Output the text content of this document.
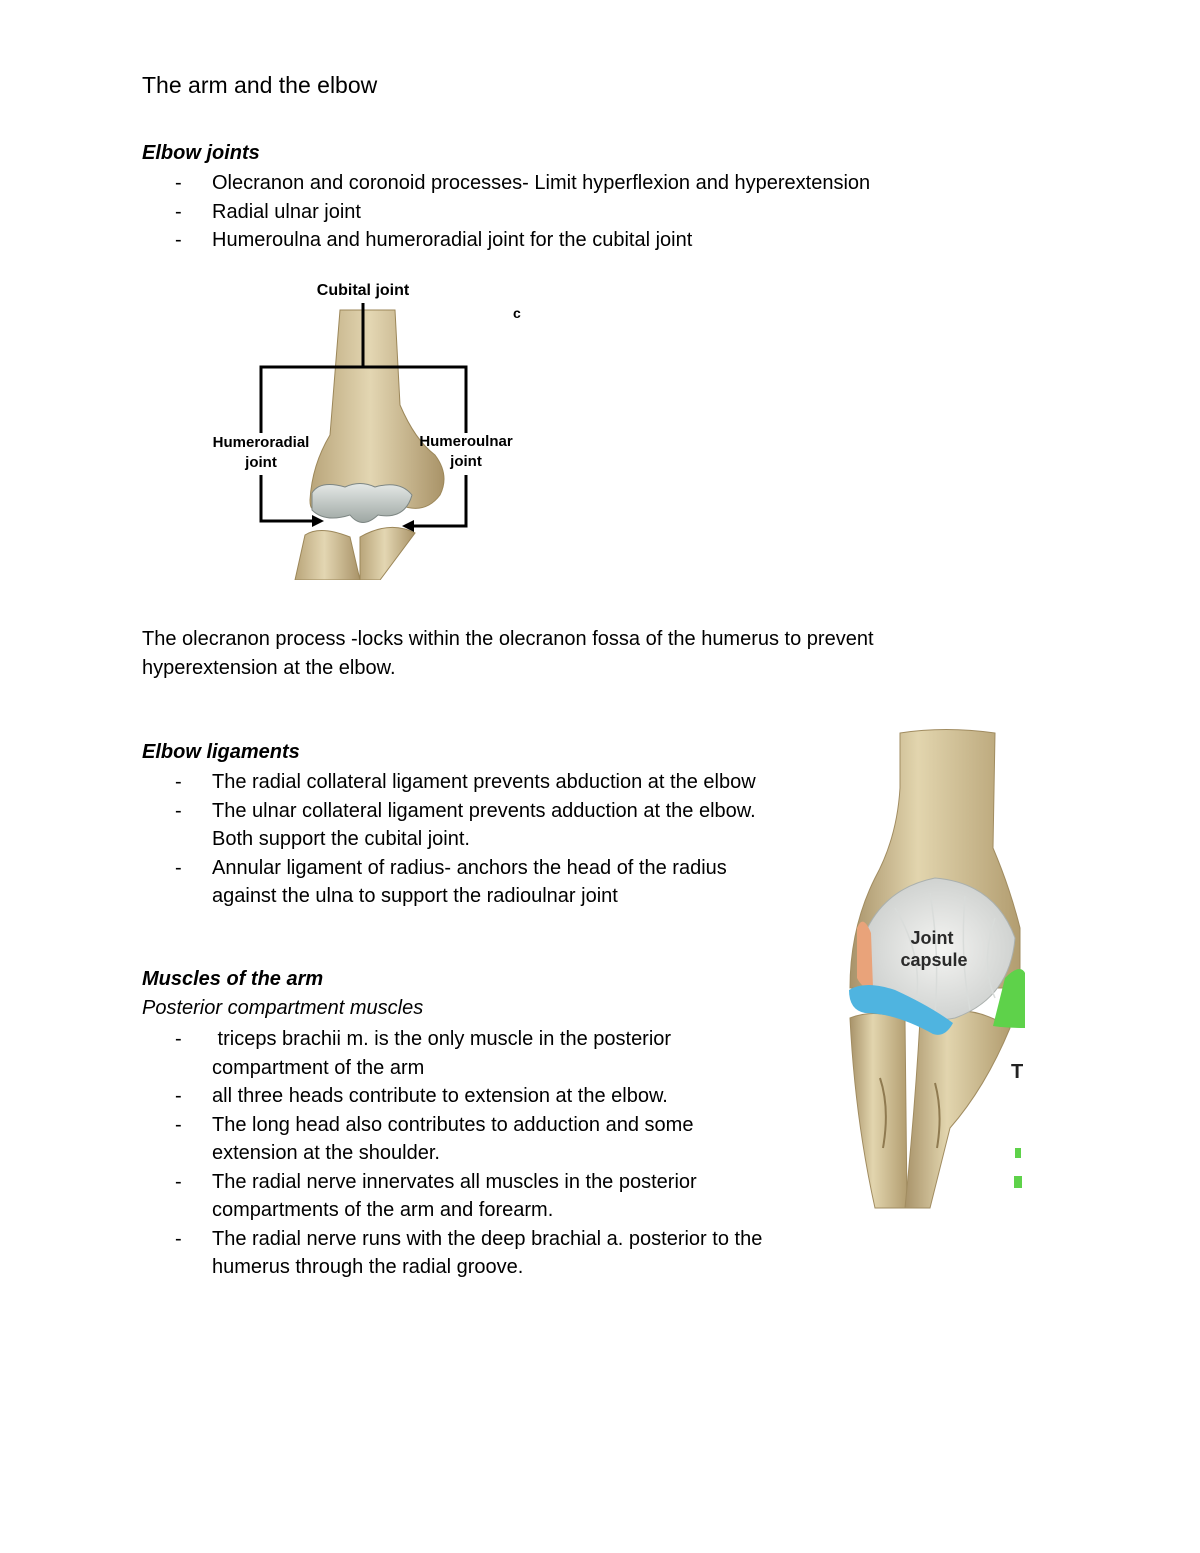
The arm and the elbow
Elbow joints
- Olecranon and coronoid processes- Limit hyperflexion and hyperextension
- Radial ulnar joint
- Humeroulna and humeroradial joint for the cubital joint
Cubital joint
Humeroradial
joint
Humeroulnar
joint
c
The olecranon process -locks within the olecranon fossa of the humerus to prevent
hyperextension at the elbow.
Elbow ligaments
- The radial collateral ligament prevents abduction at the elbow
- The ulnar collateral ligament prevents adduction at the elbow.
Both support the cubital joint.
- Annular ligament of radius- anchors the head of the radius
against the ulna to support the radioulnar joint
Joint
capsule
T
Muscles of the arm
Posterior compartment muscles
- triceps brachii m. is the only muscle in the posterior
compartment of the arm
- all three heads contribute to extension at the elbow.
- The long head also contributes to adduction and some
extension at the shoulder.
- The radial nerve innervates all muscles in the posterior
compartments of the arm and forearm.
- The radial nerve runs with the deep brachial a. posterior to the
humerus through the radial groove.
